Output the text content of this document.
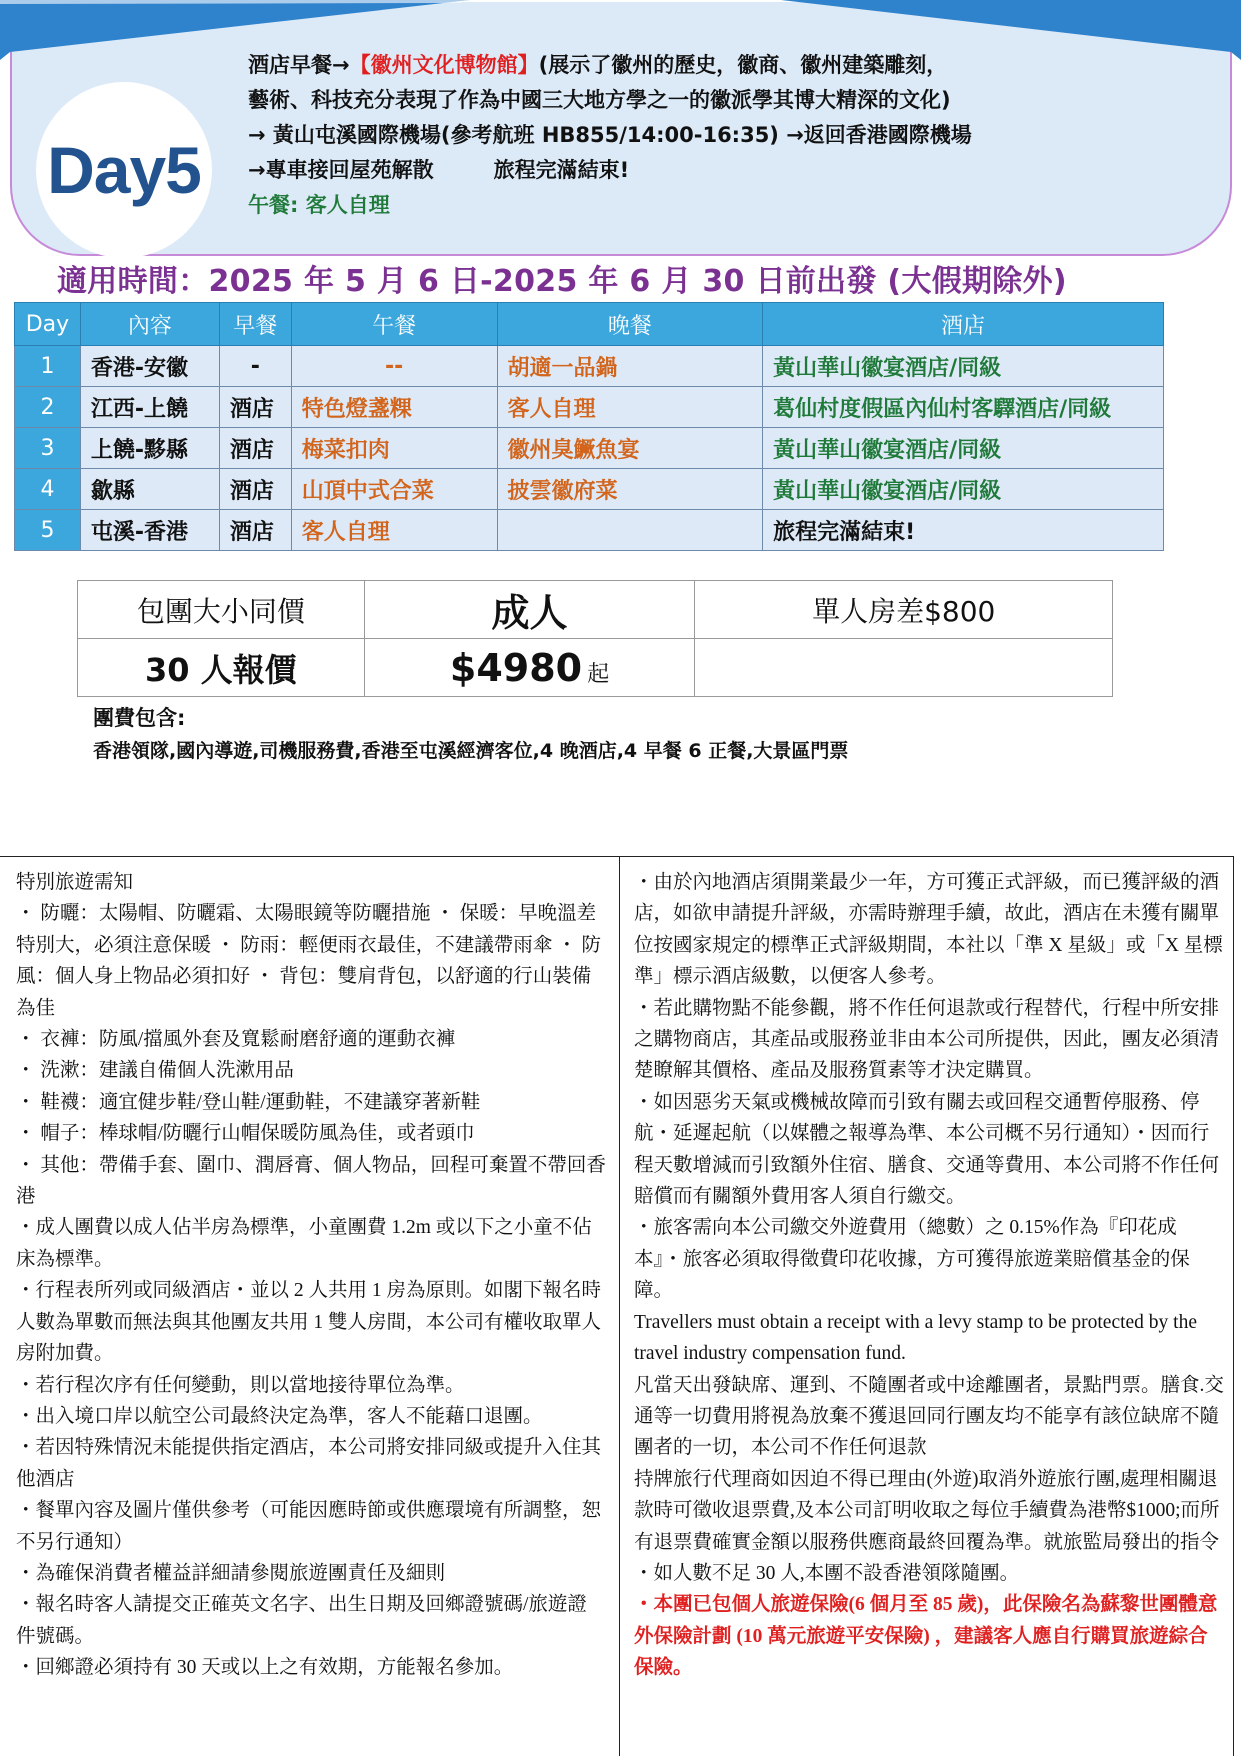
Day5
酒店早餐→【徽州文化博物館】(展示了徽州的歷史，徽商、徽州建築雕刻，
藝術、科技充分表現了作為中國三大地方學之一的徽派學其博大精深的文化)
→ 黃山屯溪國際機場(參考航班 HB855/14:00-16:35) →返回香港國際機場
→專車接回屋苑解散	旅程完滿結束!
午餐: 客人自理
適用時間：2025 年 5 月 6 日-2025 年 6 月 30 日前出發 (大假期除外)
Day	內容	早餐	午餐	晚餐	酒店
1	香港-安徽	-	--	胡適一品鍋	黃山華山徽宴酒店/同級
2	江西-上饒	酒店	特色燈盞粿	客人自理	葛仙村度假區內仙村客驛酒店/同級
3	上饒-黟縣	酒店	梅菜扣肉	徽州臭鱖魚宴	黃山華山徽宴酒店/同級
4	歙縣	酒店	山頂中式合菜	披雲徽府菜	黃山華山徽宴酒店/同級
5	屯溪-香港	酒店	客人自理		旅程完滿結束!
包團大小同價	成人	單人房差$800
30 人報價	$4980 起	
團費包含:
香港領隊,國內導遊,司機服務費,香港至屯溪經濟客位,4 晚酒店,4 早餐 6 正餐,大景區門票

特別旅遊需知

・ 防曬：太陽帽、防曬霜、太陽眼鏡等防曬措施 ・ 保暖：早晚溫差特別大，必須注意保暖 ・ 防雨：輕便雨衣最佳，不建議帶雨傘 ・ 防風：個人身上物品必須扣好 ・ 背包：雙肩背包，以舒適的行山裝備為佳

・ 衣褲：防風/擋風外套及寬鬆耐磨舒適的運動衣褲

・ 洗漱：建議自備個人洗漱用品

・ 鞋襪：適宜健步鞋/登山鞋/運動鞋，不建議穿著新鞋

・ 帽子：棒球帽/防曬行山帽保暖防風為佳，或者頭巾

・ 其他：帶備手套、圍巾、潤唇膏、個人物品，回程可棄置不帶回香港

・成人團費以成人佔半房為標準，小童團費 1.2m 或以下之小童不佔床為標準。

・行程表所列或同級酒店・並以 2 人共用 1 房為原則。如閣下報名時人數為單數而無法與其他團友共用 1 雙人房間，本公司有權收取單人房附加費。

・若行程次序有任何變動，則以當地接待單位為準。

・出入境口岸以航空公司最終決定為準，客人不能藉口退團。

・若因特殊情況未能提供指定酒店，本公司將安排同級或提升入住其他酒店

・餐單內容及圖片僅供參考（可能因應時節或供應環境有所調整，恕不另行通知）

・為確保消費者權益詳細請參閱旅遊團責任及細則

・報名時客人請提交正確英文名字、出生日期及回鄉證號碼/旅遊證件號碼。

・回鄉證必須持有 30 天或以上之有效期，方能報名參加。

・由於內地酒店須開業最少一年，方可獲正式評級，而已獲評級的酒店，如欲申請提升評級，亦需時辦理手續，故此，酒店在未獲有關單位按國家規定的標準正式評級期間，本社以「準 X 星級」或「X 星標準」標示酒店級數，以便客人參考。

・若此購物點不能參觀，將不作任何退款或行程替代，行程中所安排之購物商店，其產品或服務並非由本公司所提供，因此，團友必須清楚瞭解其價格、產品及服務質素等才決定購買。

・如因惡劣天氣或機械故障而引致有關去或回程交通暫停服務、停航・延遲起航（以媒體之報導為準、本公司概不另行通知）・因而行程天數增減而引致額外住宿、膳食、交通等費用、本公司將不作任何賠償而有關額外費用客人須自行繳交。

・旅客需向本公司繳交外遊費用（總數）之 0.15%作為『印花成本』・旅客必須取得徵費印花收據，方可獲得旅遊業賠償基金的保障。

Travellers must obtain a receipt with a levy stamp to be protected by the travel industry compensation fund.

凡當天出發缺席、運到、不隨團者或中途離團者，景點門票。膳食.交通等一切費用將視為放棄不獲退回同行團友均不能享有該位缺席不隨團者的一切，本公司不作任何退款

持牌旅行代理商如因迫不得已理由(外遊)取消外遊旅行團,處理相關退款時可徵收退票費,及本公司訂明收取之每位手續費為港幣$1000;而所有退票費確實金額以服務供應商最終回覆為準。就旅監局發出的指令

・如人數不足 30 人,本團不設香港領隊隨團。

・本團已包個人旅遊保險(6 個月至 85 歲)，此保險名為蘇黎世團體意外保險計劃 (10 萬元旅遊平安保險) ，建議客人應自行購買旅遊綜合保險。
